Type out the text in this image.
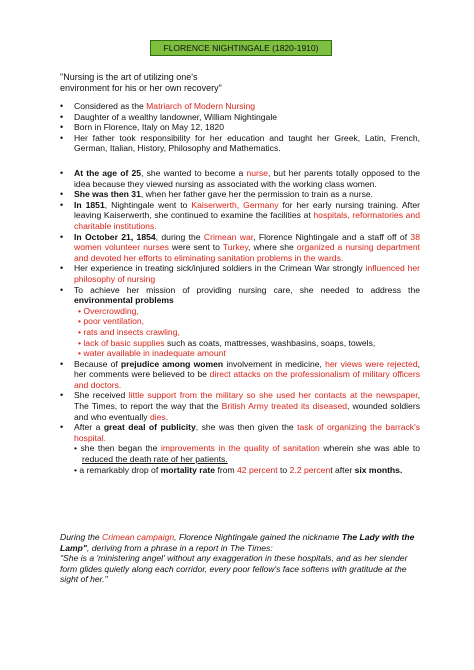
FLORENCE NIGHTINGALE (1820-1910)
"Nursing is the art of utilizing one's
environment for his or her own recovery"
• Considered as the Matriarch of Modern Nursing
• Daughter of a wealthy landowner, William Nightingale
• Born in Florence, Italy on May 12, 1820
• Her father took responsibility for her education and taught her Greek, Latin, French, German, Italian, History, Philosophy and Mathematics.
• At the age of 25, she wanted to become a nurse, but her parents totally opposed to the idea because they viewed nursing as associated with the working class women.
• She was then 31, when her father gave her the permission to train as a nurse.
• In 1851, Nightingale went to Kaiserwerth, Germany for her early nursing training. After leaving Kaiserwerth, she continued to examine the facilities at hospitals, reformatories and charitable institutions.
• In October 21, 1854, during the Crimean war, Florence Nightingale and a staff off of 38 women volunteer nurses were sent to Turkey, where she organized a nursing department and devoted her efforts to eliminating sanitation problems in the wards.
• Her experience in treating sick/injured soldiers in the Crimean War strongly influenced her philosophy of nursing
• To achieve her mission of providing nursing care, she needed to address the environmental problems
• Overcrowding,
• poor ventilation,
• rats and insects crawling,
• lack of basic supplies such as coats, mattresses, washbasins, soaps, towels,
• water available in inadequate amount
• Because of prejudice among women involvement in medicine, her views were rejected, her comments were believed to be direct attacks on the professionalism of military officers and doctors.
• She received little support from the military so she used her contacts at the newspaper, The Times, to report the way that the British Army treated its diseased, wounded soldiers and who eventually dies.
• After a great deal of publicity, she was then given the task of organizing the barrack's hospital.
• she then began the improvements in the quality of sanitation wherein she was able to reduced the death rate of her patients.
• a remarkably drop of mortality rate from 42 percent to 2.2 percent after six months.
During the Crimean campaign, Florence Nightingale gained the nickname The Lady with the Lamp", deriving from a phrase in a report in The Times:
"She is a 'ministering angel' without any exaggeration in these hospitals, and as her slender form glides quietly along each corridor, every poor fellow's face softens with gratitude at the sight of her."
